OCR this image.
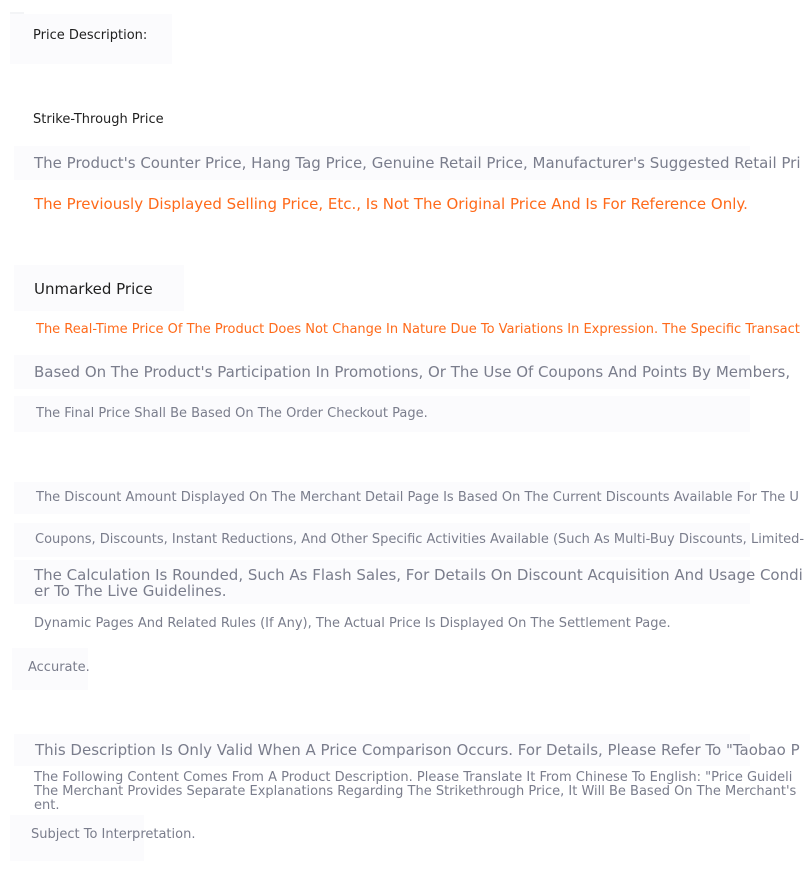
Price Description:
Strike-Through Price
The Product's Counter Price, Hang Tag Price, Genuine Retail Price, Manufacturer's Suggested Retail Pri
The Previously Displayed Selling Price, Etc., Is Not The Original Price And Is For Reference Only.
Unmarked Price
The Real-Time Price Of The Product Does Not Change In Nature Due To Variations In Expression. The Specific Transact
Based On The Product's Participation In Promotions, Or The Use Of Coupons And Points By Members,
The Final Price Shall Be Based On The Order Checkout Page.
The Discount Amount Displayed On The Merchant Detail Page Is Based On The Current Discounts Available For The U
Coupons, Discounts, Instant Reductions, And Other Specific Activities Available (Such As Multi-Buy Discounts, Limited-
The Calculation Is Rounded, Such As Flash Sales, For Details On Discount Acquisition And Usage Condi
er To The Live Guidelines.
Dynamic Pages And Related Rules (If Any), The Actual Price Is Displayed On The Settlement Page.
Accurate.
This Description Is Only Valid When A Price Comparison Occurs. For Details, Please Refer To "Taobao P
The Following Content Comes From A Product Description. Please Translate It From Chinese To English: "Price Guideli
The Merchant Provides Separate Explanations Regarding The Strikethrough Price, It Will Be Based On The Merchant's
ent.
Subject To Interpretation.
